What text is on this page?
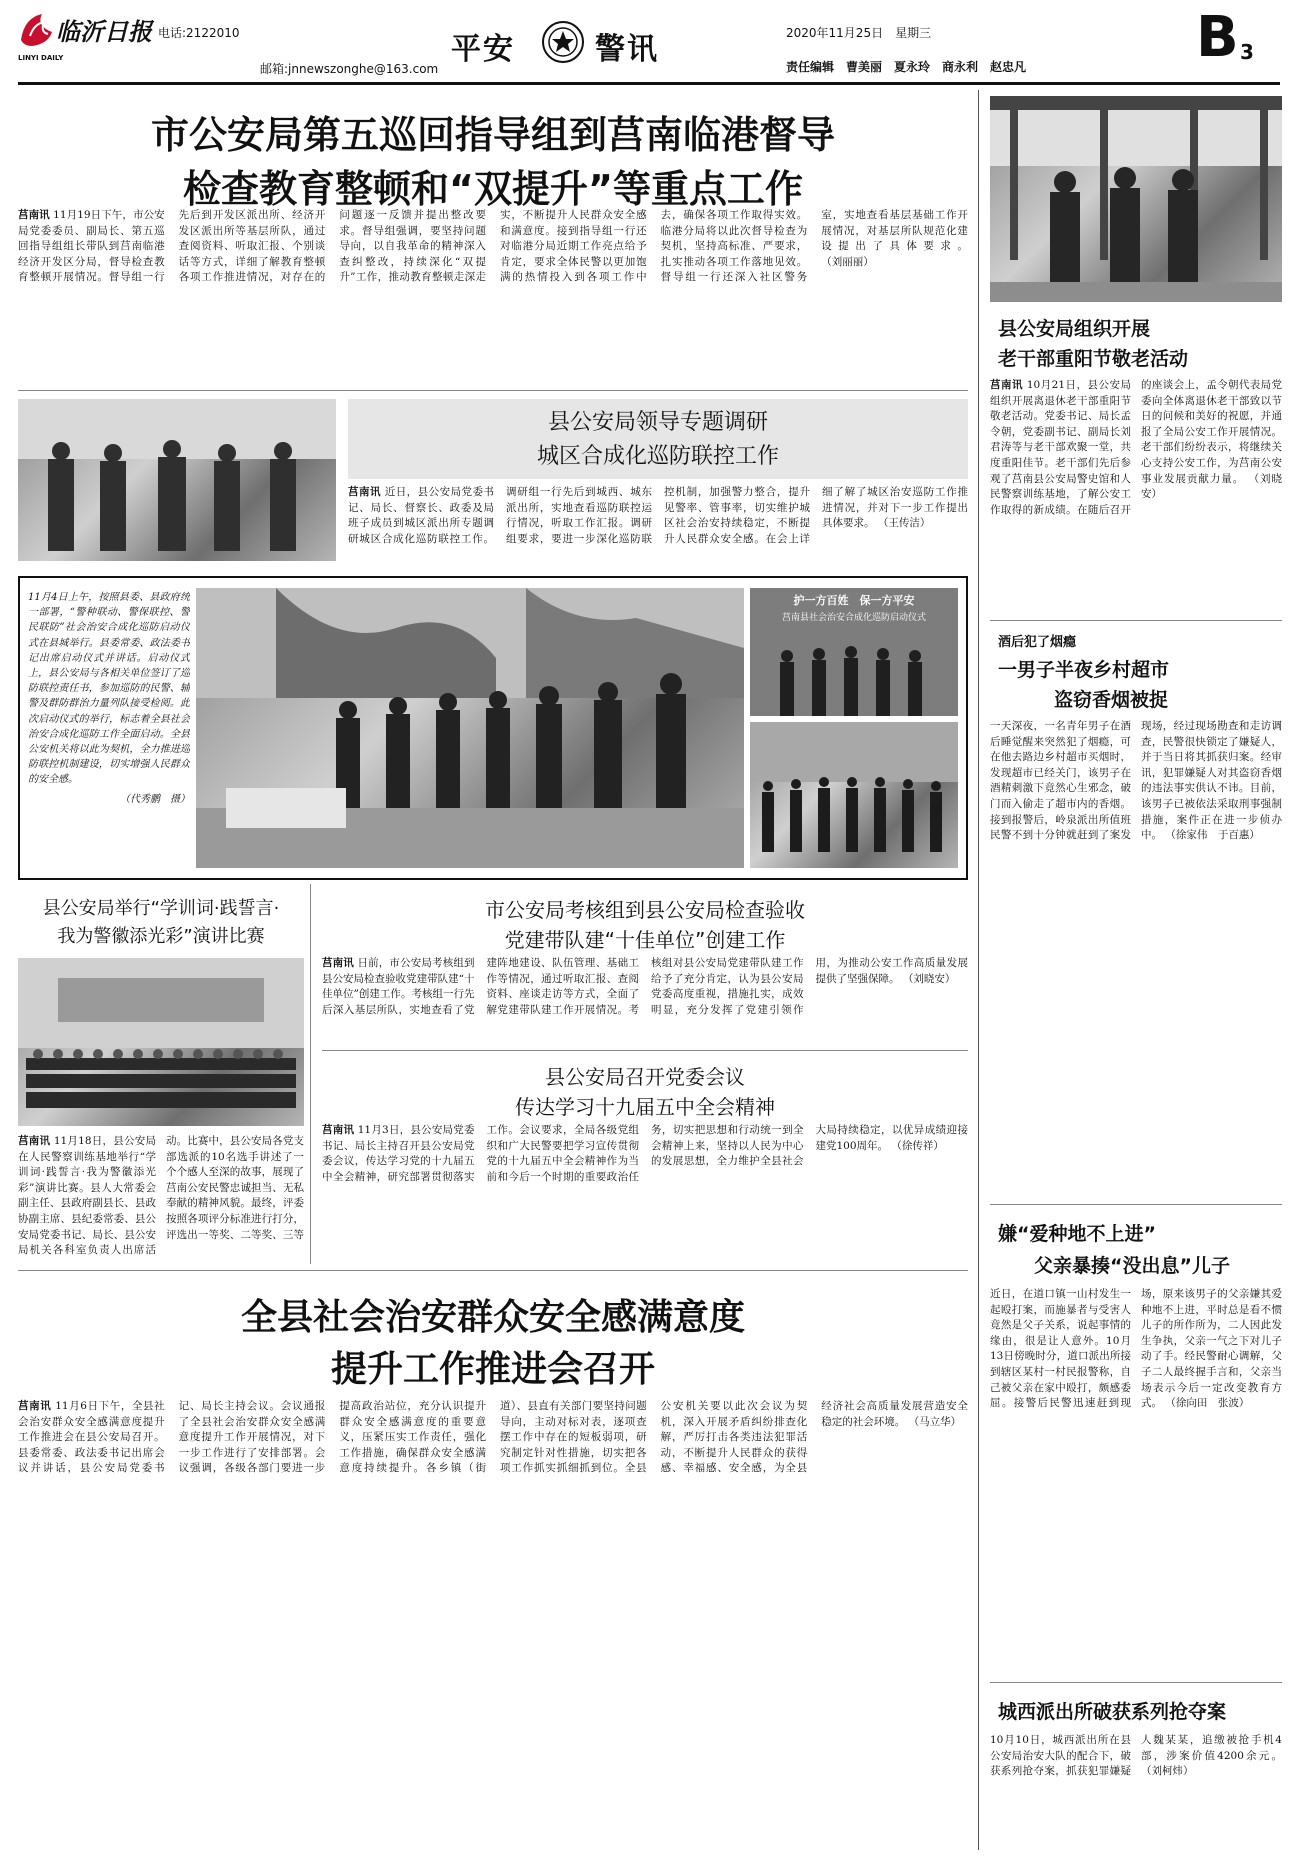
临沂日报
LINYI DAILY
电话:2122010
邮箱:jnnewszonghe@163.com
平安	警讯	2020年11月25日　星期三
责任编辑　曹美丽　夏永玲　商永利　赵忠凡	B 3
市公安局第五巡回指导组到莒南临港督导
检查教育整顿和“双提升”等重点工作
莒南讯 11月19日下午，市公安局党委委员、副局长、第五巡回指导组组长带队到莒南临港经济开发区分局，督导检查教育整顿开展情况。督导组一行先后到开发区派出所、经济开发区派出所等基层所队，通过查阅资料、听取汇报、个别谈话等方式，详细了解教育整顿各项工作推进情况，对存在的问题逐一反馈并提出整改要求。督导组强调，要坚持问题导向，以自我革命的精神深入查纠整改，持续深化“双提升”工作，推动教育整顿走深走实，不断提升人民群众安全感和满意度。接到指导组一行还对临港分局近期工作亮点给予肯定，要求全体民警以更加饱满的热情投入到各项工作中去，确保各项工作取得实效。临港分局将以此次督导检查为契机，坚持高标准、严要求，扎实推动各项工作落地见效。督导组一行还深入社区警务室，实地查看基层基础工作开展情况，对基层所队规范化建设提出了具体要求。 （刘丽丽）
县公安局领导专题调研
城区合成化巡防联控工作
莒南讯 近日，县公安局党委书记、局长、督察长、政委及局班子成员到城区派出所专题调研城区合成化巡防联控工作。调研组一行先后到城西、城东派出所，实地查看巡防联控运行情况，听取工作汇报。调研组要求，要进一步深化巡防联控机制，加强警力整合，提升见警率、管事率，切实维护城区社会治安持续稳定，不断提升人民群众安全感。在会上详细了解了城区治安巡防工作推进情况，并对下一步工作提出具体要求。 （王传洁）
11月4日上午，按照县委、县政府统一部署，“警种联动、警保联控、警民联防”社会治安合成化巡防启动仪式在县城举行。县委常委、政法委书记出席启动仪式并讲话。启动仪式上，县公安局与各相关单位签订了巡防联控责任书，参加巡防的民警、辅警及群防群治力量列队接受检阅。此次启动仪式的举行，标志着全县社会治安合成化巡防工作全面启动。全县公安机关将以此为契机，全力推进巡防联控机制建设，切实增强人民群众的安全感。
（代秀鹏　摄）
护一方百姓　保一方平安
莒南县社会治安合成化巡防启动仪式
县公安局举行“学训词·践誓言·
我为警徽添光彩”演讲比赛
莒南讯 11月18日，县公安局在人民警察训练基地举行“学训词·践誓言·我为警徽添光彩”演讲比赛。县人大常委会副主任、县政府副县长、县政协副主席、县纪委常委、县公安局党委书记、局长、县公安局机关各科室负责人出席活动。比赛中，县公安局各党支部选派的10名选手讲述了一个个感人至深的故事，展现了莒南公安民警忠诚担当、无私奉献的精神风貌。最终，评委按照各项评分标准进行打分，评选出一等奖、二等奖、三等
市公安局考核组到县公安局检查验收
党建带队建“十佳单位”创建工作
莒南讯 日前，市公安局考核组到县公安局检查验收党建带队建“十佳单位”创建工作。考核组一行先后深入基层所队，实地查看了党建阵地建设、队伍管理、基础工作等情况，通过听取汇报、查阅资料、座谈走访等方式，全面了解党建带队建工作开展情况。考核组对县公安局党建带队建工作给予了充分肯定，认为县公安局党委高度重视，措施扎实，成效明显，充分发挥了党建引领作用，为推动公安工作高质量发展提供了坚强保障。 （刘晓安）
县公安局召开党委会议
传达学习十九届五中全会精神
莒南讯 11月3日，县公安局党委书记、局长主持召开县公安局党委会议，传达学习党的十九届五中全会精神，研究部署贯彻落实工作。会议要求，全局各级党组织和广大民警要把学习宣传贯彻党的十九届五中全会精神作为当前和今后一个时期的重要政治任务，切实把思想和行动统一到全会精神上来，坚持以人民为中心的发展思想，全力维护全县社会大局持续稳定，以优异成绩迎接建党100周年。 （徐传祥）
全县社会治安群众安全感满意度
提升工作推进会召开
莒南讯 11月6日下午，全县社会治安群众安全感满意度提升工作推进会在县公安局召开。县委常委、政法委书记出席会议并讲话，县公安局党委书记、局长主持会议。会议通报了全县社会治安群众安全感满意度提升工作开展情况，对下一步工作进行了安排部署。会议强调，各级各部门要进一步提高政治站位，充分认识提升群众安全感满意度的重要意义，压紧压实工作责任，强化工作措施，确保群众安全感满意度持续提升。各乡镇（街道）、县直有关部门要坚持问题导向，主动对标对表，逐项查摆工作中存在的短板弱项，研究制定针对性措施，切实把各项工作抓实抓细抓到位。全县公安机关要以此次会议为契机，深入开展矛盾纠纷排查化解，严厉打击各类违法犯罪活动，不断提升人民群众的获得感、幸福感、安全感，为全县经济社会高质量发展营造安全稳定的社会环境。 （马立华）
县公安局组织开展
老干部重阳节敬老活动
莒南讯 10月21日，县公安局组织开展离退休老干部重阳节敬老活动。党委书记、局长孟令朝，党委副书记、副局长刘君涛等与老干部欢聚一堂，共度重阳佳节。老干部们先后参观了莒南县公安局警史馆和人民警察训练基地，了解公安工作取得的新成绩。在随后召开的座谈会上，孟令朝代表局党委向全体离退休老干部致以节日的问候和美好的祝愿，并通报了全局公安工作开展情况。老干部们纷纷表示，将继续关心支持公安工作，为莒南公安事业发展贡献力量。 （刘晓安）
酒后犯了烟瘾
一男子半夜乡村超市
盗窃香烟被捉
一天深夜，一名青年男子在酒后睡觉醒来突然犯了烟瘾，可在他去路边乡村超市买烟时，发现超市已经关门，该男子在酒精刺激下竟然心生邪念，破门而入偷走了超市内的香烟。接到报警后，岭泉派出所值班民警不到十分钟就赶到了案发现场，经过现场勘查和走访调查，民警很快锁定了嫌疑人，并于当日将其抓获归案。经审讯，犯罪嫌疑人对其盗窃香烟的违法事实供认不讳。目前，该男子已被依法采取刑事强制措施，案件正在进一步侦办中。 （徐家伟　于百惠）
嫌“爱种地不上进”
父亲暴揍“没出息”儿子
近日，在道口镇一山村发生一起殴打案，而施暴者与受害人竟然是父子关系，说起事情的缘由，很是让人意外。10月13日傍晚时分，道口派出所接到辖区某村一村民报警称，自己被父亲在家中殴打，颇感委屈。接警后民警迅速赶到现场，原来该男子的父亲嫌其爱种地不上进，平时总是看不惯儿子的所作所为，二人因此发生争执，父亲一气之下对儿子动了手。经民警耐心调解，父子二人最终握手言和，父亲当场表示今后一定改变教育方式。 （徐向田　张波）
城西派出所破获系列抢夺案
10月10日，城西派出所在县公安局治安大队的配合下，破获系列抢夺案，抓获犯罪嫌疑人魏某某，追缴被抢手机4部，涉案价值4200余元。 （刘柯炜）
